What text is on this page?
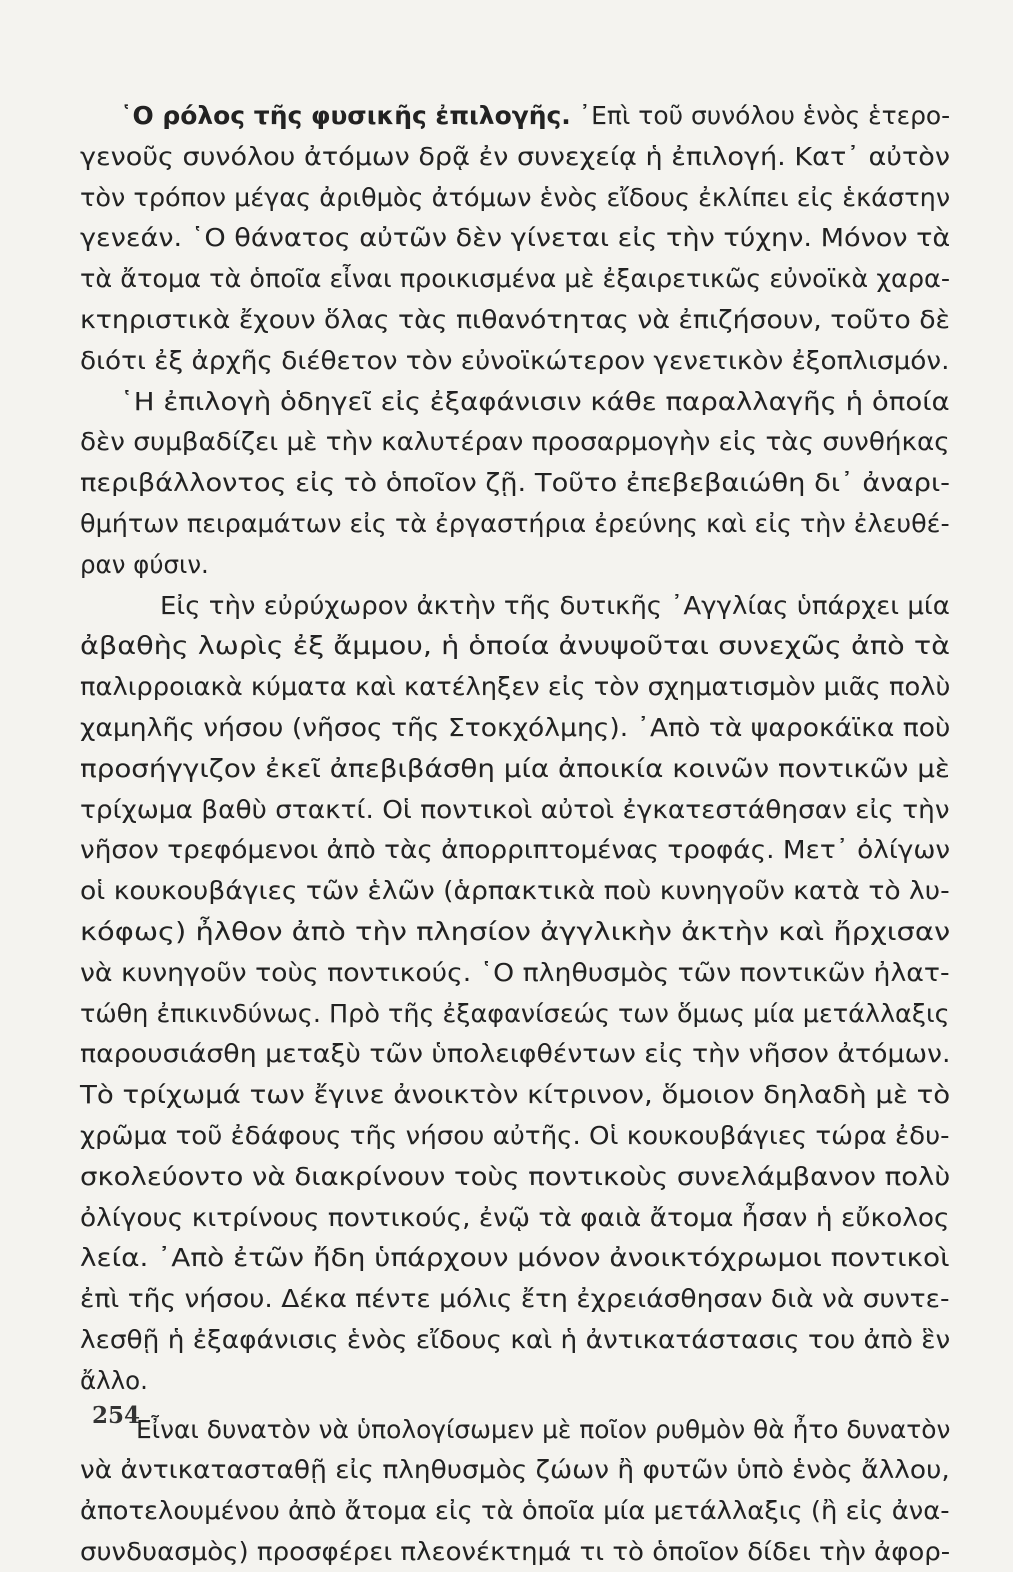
῾Ο ρόλος τῆς φυσικῆς ἐπιλογῆς. ᾿Επὶ τοῦ συνόλου ἑνὸς ἑτερο-
γενοῦς συνόλου ἀτόμων δρᾷ ἐν συνεχείᾳ ἡ ἐπιλογή. Κατ᾿ αὐτὸν
τὸν τρόπον μέγας ἀριθμὸς ἀτόμων ἑνὸς εἴδους ἐκλίπει εἰς ἑκάστην
γενεάν. ῾Ο θάνατος αὐτῶν δὲν γίνεται εἰς τὴν τύχην. Μόνον τὰ
τὰ ἄτομα τὰ ὁποῖα εἶναι προικισμένα μὲ ἐξαιρετικῶς εὐνοϊκὰ χαρα-
κτηριστικὰ ἔχουν ὅλας τὰς πιθανότητας νὰ ἐπιζήσουν, τοῦτο δὲ
διότι ἐξ ἀρχῆς διέθετον τὸν εὐνοϊκώτερον γενετικὸν ἐξοπλισμόν.
῾Η ἐπιλογὴ ὁδηγεῖ εἰς ἐξαφάνισιν κάθε παραλλαγῆς ἡ ὁποία
δὲν συμβαδίζει μὲ τὴν καλυτέραν προσαρμογὴν εἰς τὰς συνθήκας
περιβάλλοντος εἰς τὸ ὁποῖον ζῇ. Τοῦτο ἐπεβεβαιώθη δι᾿ ἀναρι-
θμήτων πειραμάτων εἰς τὰ ἐργαστήρια ἐρεύνης καὶ εἰς τὴν ἐλευθέ-
ραν φύσιν.
Εἰς τὴν εὐρύχωρον ἀκτὴν τῆς δυτικῆς ᾿Αγγλίας ὑπάρχει μία
ἀβαθὴς λωρὶς ἐξ ἄμμου, ἡ ὁποία ἀνυψοῦται συνεχῶς ἀπὸ τὰ
παλιρροιακὰ κύματα καὶ κατέληξεν εἰς τὸν σχηματισμὸν μιᾶς πολὺ
χαμηλῆς νήσου (νῆσος τῆς Στοκχόλμης). ᾿Απὸ τὰ ψαροκάϊκα ποὺ
προσήγγιζον ἐκεῖ ἀπεβιβάσθη μία ἀποικία κοινῶν ποντικῶν μὲ
τρίχωμα βαθὺ στακτί. Οἱ ποντικοὶ αὐτοὶ ἐγκατεστάθησαν εἰς τὴν
νῆσον τρεφόμενοι ἀπὸ τὰς ἀπορριπτομένας τροφάς. Μετ᾿ ὀλίγων
οἱ κουκουβάγιες τῶν ἑλῶν (ἁρπακτικὰ ποὺ κυνηγοῦν κατὰ τὸ λυ-
κόφως) ἦλθον ἀπὸ τὴν πλησίον ἀγγλικὴν ἀκτὴν καὶ ἤρχισαν
νὰ κυνηγοῦν τοὺς ποντικούς. ῾Ο πληθυσμὸς τῶν ποντικῶν ἠλατ-
τώθη ἐπικινδύνως. Πρὸ τῆς ἐξαφανίσεώς των ὅμως μία μετάλλαξις
παρουσιάσθη μεταξὺ τῶν ὑπολειφθέντων εἰς τὴν νῆσον ἀτόμων.
Τὸ τρίχωμά των ἔγινε ἀνοικτὸν κίτρινον, ὅμοιον δηλαδὴ μὲ τὸ
χρῶμα τοῦ ἐδάφους τῆς νήσου αὐτῆς. Οἱ κουκουβάγιες τώρα ἐδυ-
σκολεύοντο νὰ διακρίνουν τοὺς ποντικοὺς συνελάμβανον πολὺ
ὀλίγους κιτρίνους ποντικούς, ἐνῷ τὰ φαιὰ ἄτομα ἦσαν ἡ εὔκολος
λεία. ᾿Απὸ ἐτῶν ἤδη ὑπάρχουν μόνον ἀνοικτόχρωμοι ποντικοὶ
ἐπὶ τῆς νήσου. Δέκα πέντε μόλις ἔτη ἐχρειάσθησαν διὰ νὰ συντε-
λεσθῇ ἡ ἐξαφάνισις ἑνὸς εἴδους καὶ ἡ ἀντικατάστασις του ἀπὸ ἓν
ἄλλο.
Εἶναι δυνατὸν νὰ ὑπολογίσωμεν μὲ ποῖον ρυθμὸν θὰ ἦτο δυνατὸν
νὰ ἀντικατασταθῇ εἰς πληθυσμὸς ζώων ἢ φυτῶν ὑπὸ ἑνὸς ἄλλου,
ἀποτελουμένου ἀπὸ ἄτομα εἰς τὰ ὁποῖα μία μετάλλαξις (ἢ εἰς ἀνα-
συνδυασμὸς) προσφέρει πλεονέκτημά τι τὸ ὁποῖον δίδει τὴν ἀφορ-
254
